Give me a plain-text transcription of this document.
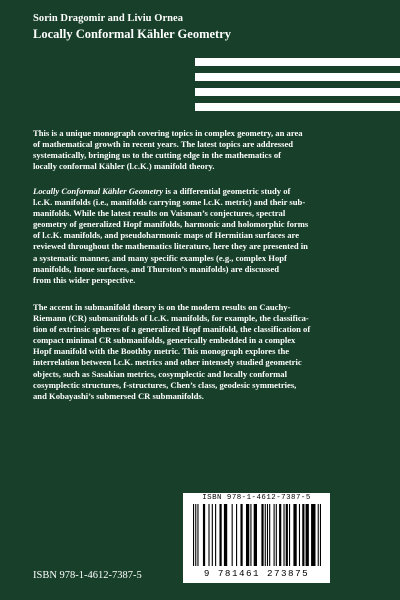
Sorin Dragomir and Liviu Ornea
Locally Conformal Kähler Geometry
This is a unique monograph covering topics in complex geometry, an area
of mathematical growth in recent years. The latest topics are addressed
systematically, bringing us to the cutting edge in the mathematics of
locally conformal Kähler (l.c.K.) manifold theory.
Locally Conformal Kähler Geometry is a differential geometric study of
l.c.K. manifolds (i.e., manifolds carrying some l.c.K. metric) and their sub-
manifolds. While the latest results on Vaisman’s conjectures, spectral
geometry of generalized Hopf manifolds, harmonic and holomorphic forms
of l.c.K. manifolds, and pseudoharmonic maps of Hermitian surfaces are
reviewed throughout the mathematics literature, here they are presented in
a systematic manner, and many specific examples (e.g., complex Hopf
manifolds, Inoue surfaces, and Thurston’s manifolds) are discussed
from this wider perspective.
The accent in submanifold theory is on the modern results on Cauchy-
Riemann (CR) submanifolds of l.c.K. manifolds, for example, the classifica-
tion of extrinsic spheres of a generalized Hopf manifold, the classification of
compact minimal CR submanifolds, generically embedded in a complex
Hopf manifold with the Boothby metric. This monograph explores the
interrelation between l.c.K. metrics and other intensely studied geometric
objects, such as Sasakian metrics, cosymplectic and locally conformal
cosymplectic structures, f-structures, Chen’s class, geodesic symmetries,
and Kobayashi’s submersed CR submanifolds.
ISBN 978-1-4612-7387-5
9 781461 273875
ISBN 978-1-4612-7387-5
